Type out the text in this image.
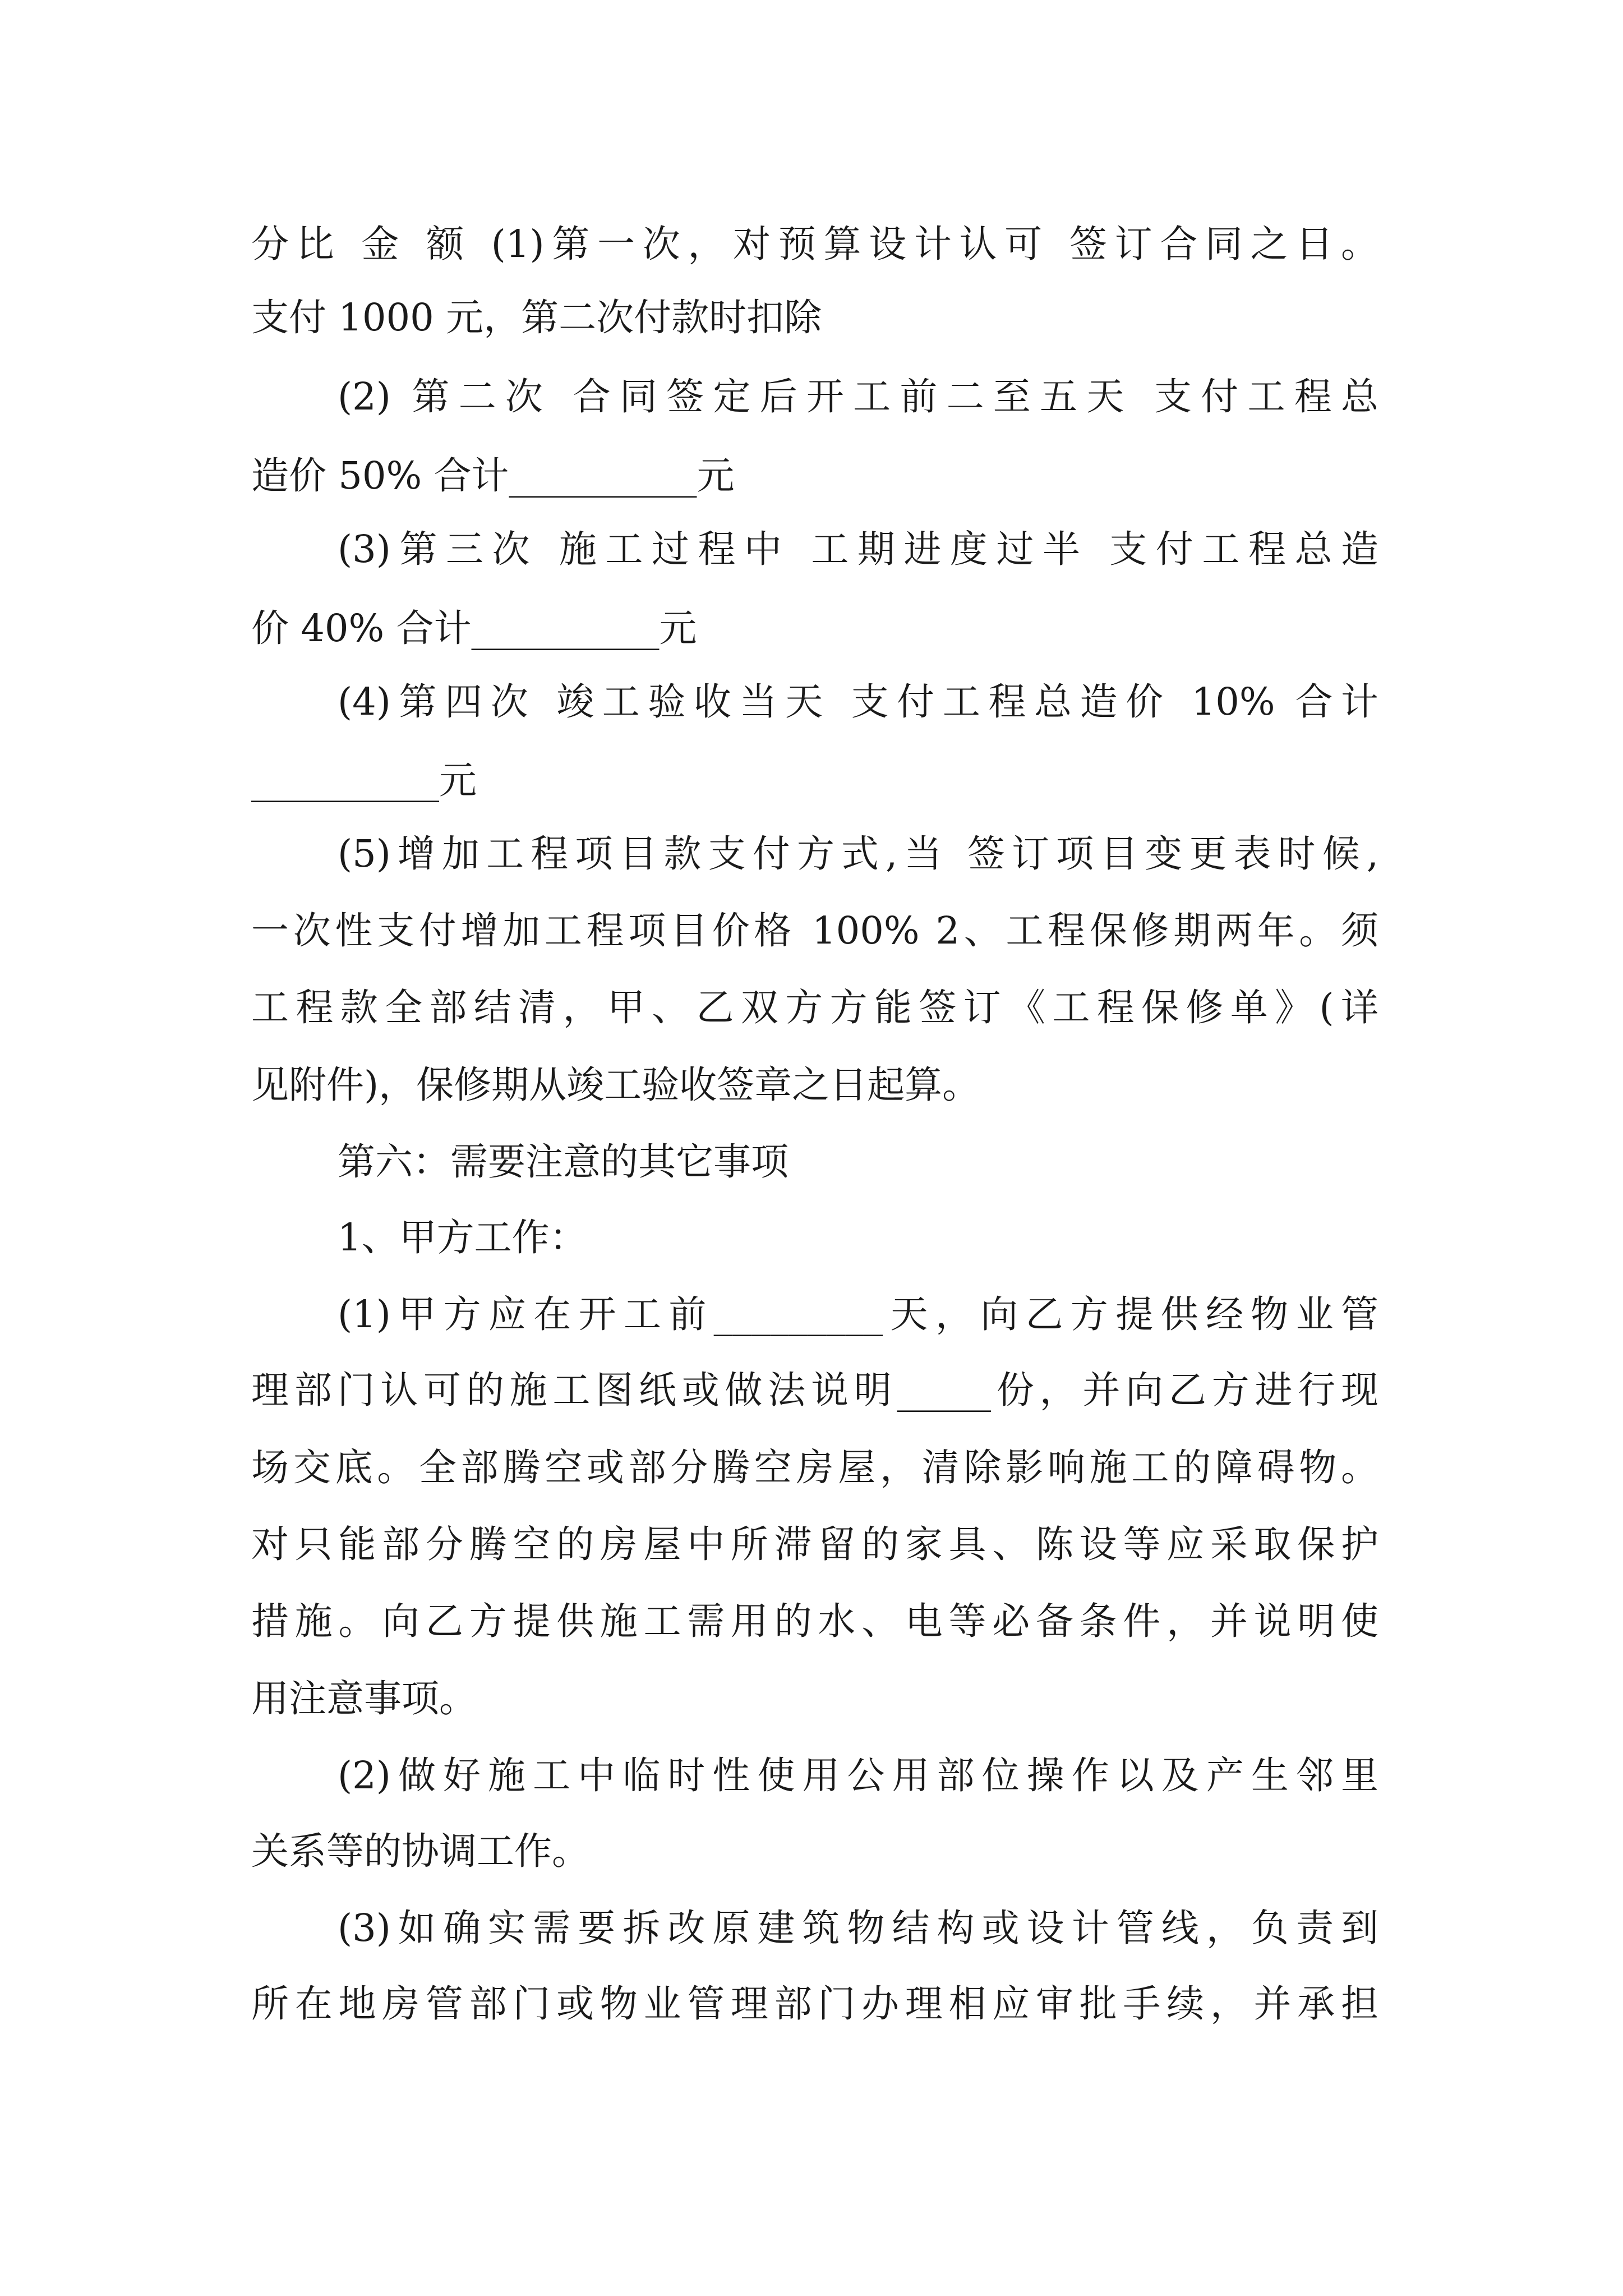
分比 金 额 (1)第一次，对预算设计认可 签订合同之日。
支付 1000 元，第二次付款时扣除
(2) 第二次 合同签定后开工前二至五天 支付工程总
造价 50% 合计__________元
(3)第三次 施工过程中 工期进度过半 支付工程总造
价 40% 合计__________元
(4)第四次 竣工验收当天 支付工程总造价 10% 合计
__________元
(5)增加工程项目款支付方式,当 签订项目变更表时候,
一次性支付增加工程项目价格 100% 2、工程保修期两年。须
工程款全部结清，甲、乙双方方能签订《工程保修单》(详
见附件)，保修期从竣工验收签章之日起算。
第六：需要注意的其它事项
1、甲方工作：
(1)甲方应在开工前_________天，向乙方提供经物业管
理部门认可的施工图纸或做法说明_____份，并向乙方进行现
场交底。全部腾空或部分腾空房屋，清除影响施工的障碍物。
对只能部分腾空的房屋中所滞留的家具、陈设等应采取保护
措施。向乙方提供施工需用的水、电等必备条件，并说明使
用注意事项。
(2)做好施工中临时性使用公用部位操作以及产生邻里
关系等的协调工作。
(3)如确实需要拆改原建筑物结构或设计管线，负责到
所在地房管部门或物业管理部门办理相应审批手续，并承担
